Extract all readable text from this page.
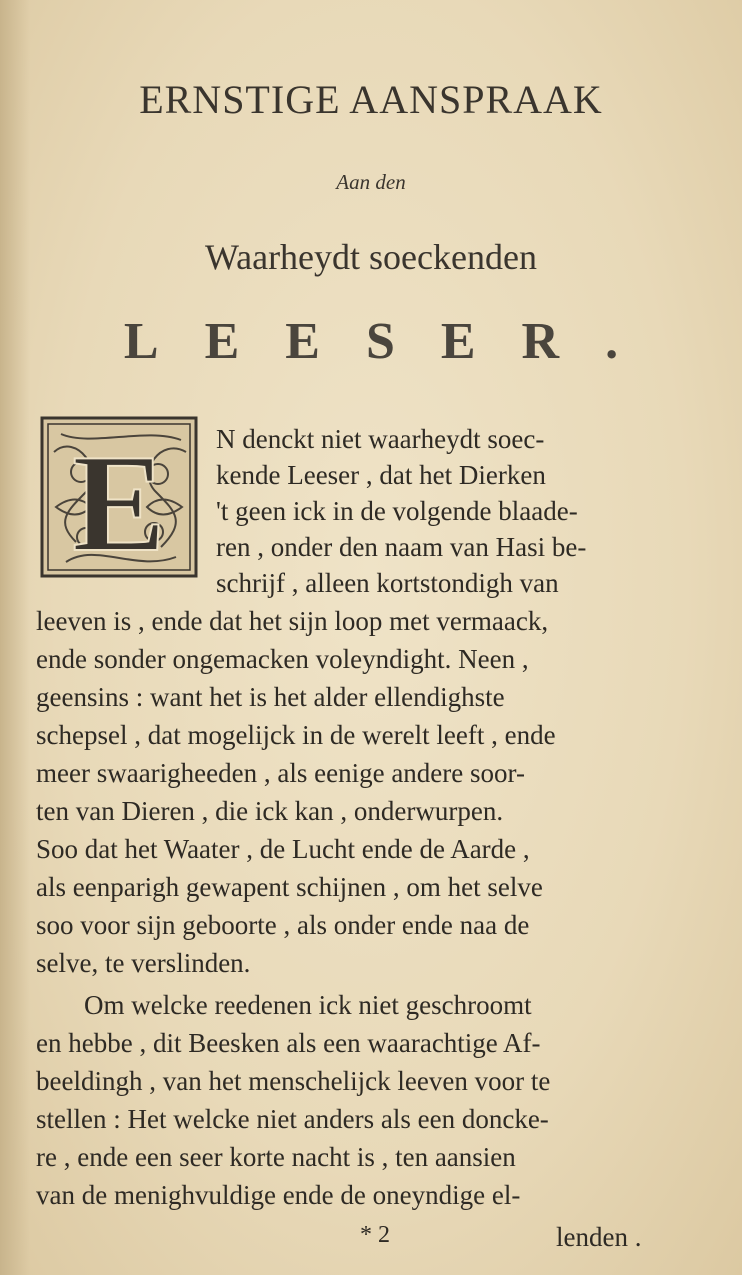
ERNSTIGE AANSPRAAK
Aan den
Waarheydt soeckenden
LEESER.
E N denckt niet waarheydt soec-
kende Leeser , dat het Dierken
't geen ick in de volgende blaade-
ren , onder den naam van Hasi be-
schrijf , alleen kortstondigh van
leeven is , ende dat het sijn loop met vermaack,
ende sonder ongemacken voleyndight. Neen ,
geensins : want het is het alder ellendighste
schepsel , dat mogelijck in de werelt leeft , ende
meer swaarigheeden , als eenige andere soor-
ten van Dieren , die ick kan , onderwurpen.
Soo dat het Waater , de Lucht ende de Aarde ,
als eenparigh gewapent schijnen , om het selve
soo voor sijn geboorte , als onder ende naa de
selve, te verslinden.
Om welcke reedenen ick niet geschroomt
en hebbe , dit Beesken als een waarachtige Af-
beeldingh , van het menschelijck leeven voor te
stellen : Het welcke niet anders als een doncke-
re , ende een seer korte nacht is , ten aansien
van de menighvuldige ende de oneyndige el-
* 2	lenden .
